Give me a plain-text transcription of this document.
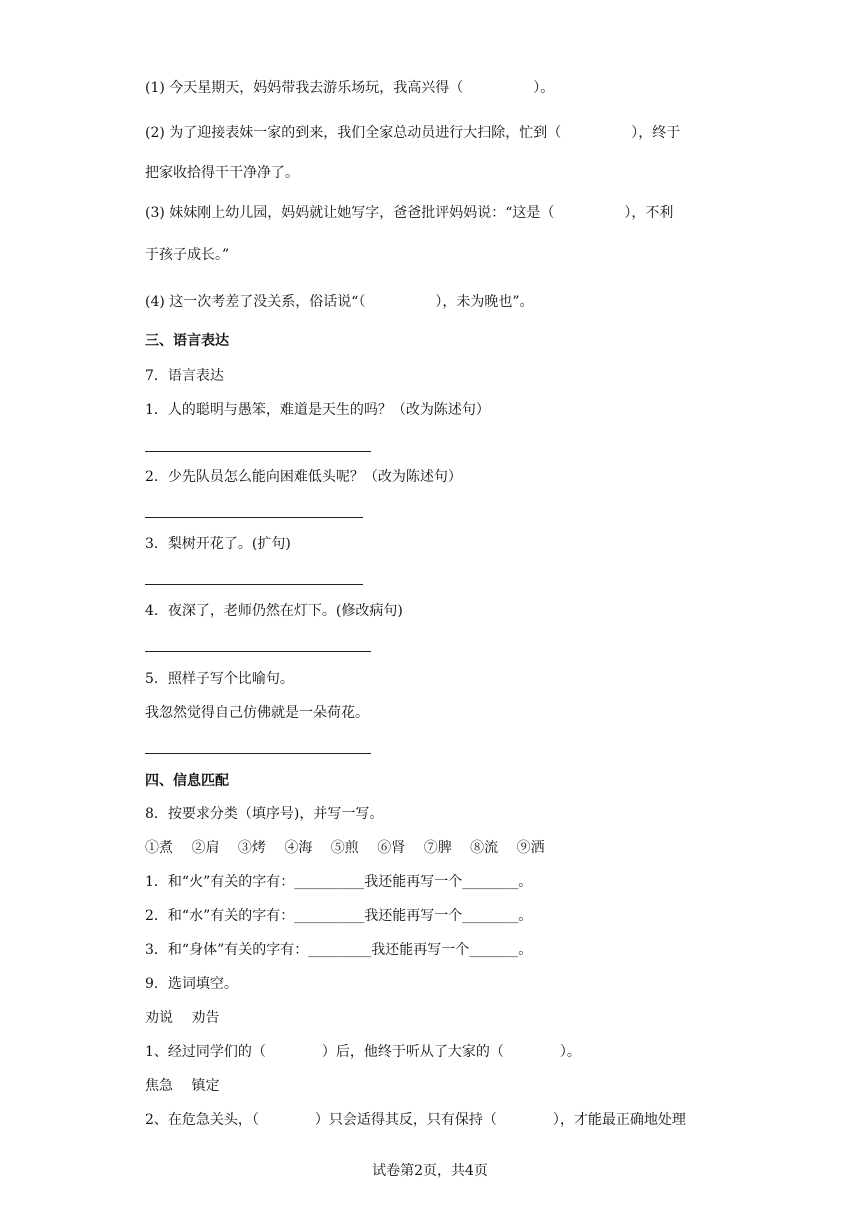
(1) 今天星期天，妈妈带我去游乐场玩，我高兴得（　　　　　）。
(2) 为了迎接表妹一家的到来，我们全家总动员进行大扫除，忙到（　　　　　），终于
把家收拾得干干净净了。
(3) 妹妹刚上幼儿园，妈妈就让她写字，爸爸批评妈妈说：“这是（　　　　　），不利
于孩子成长。”
(4) 这一次考差了没关系，俗话说“（　　　　　），未为晚也”。
三、语言表达
7．语言表达
1．人的聪明与愚笨，难道是天生的吗？（改为陈述句）
2．少先队员怎么能向困难低头呢？（改为陈述句）
3．梨树开花了。(扩句)
4．夜深了，老师仍然在灯下。(修改病句)
5．照样子写个比喻句。
我忽然觉得自己仿佛就是一朵荷花。
四、信息匹配
8．按要求分类（填序号)，并写一写。
①煮　 ②肩　 ③烤　 ④海　 ⑤煎　 ⑥肾　 ⑦脾　 ⑧流　 ⑨洒
1．和“火”有关的字有：__________我还能再写一个________。
2．和“水”有关的字有：__________我还能再写一个________。
3．和“身体”有关的字有：_________我还能再写一个_______。
9．选词填空。
劝说　 劝告
1、经过同学们的（　　　　）后，他终于听从了大家的（　　　　）。
焦急　 镇定
2、在危急关头，（　　　　）只会适得其反，只有保持（　　　　），才能最正确地处理
试卷第2页，共4页
